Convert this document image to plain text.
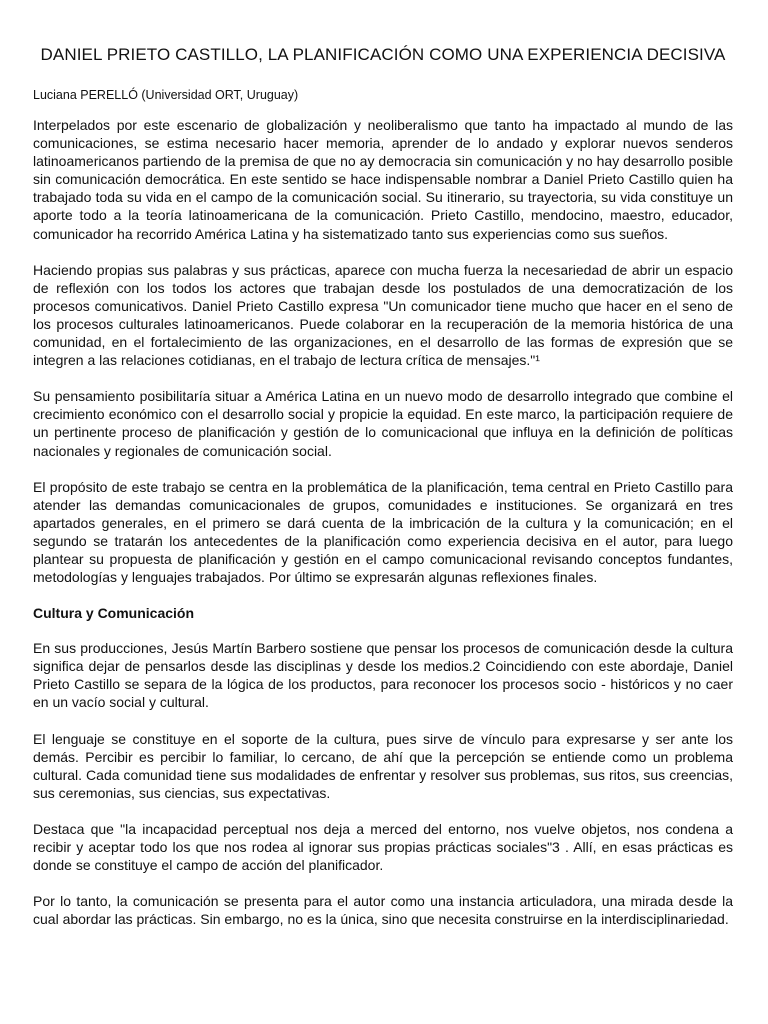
DANIEL PRIETO CASTILLO, LA PLANIFICACIÓN COMO UNA EXPERIENCIA DECISIVA
Luciana PERELLÓ (Universidad ORT, Uruguay)

Interpelados por este escenario de globalización y neoliberalismo que tanto ha impactado al mundo de las comunicaciones, se estima necesario hacer memoria, aprender de lo andado y explorar nuevos senderos latinoamericanos partiendo de la premisa de que no ay democracia sin comunicación y no hay desarrollo posible sin comunicación democrática. En este sentido se hace indispensable nombrar a Daniel Prieto Castillo quien ha trabajado toda su vida en el campo de la comunicación social. Su itinerario, su trayectoria, su vida constituye un aporte todo a la teoría latinoamericana de la comunicación. Prieto Castillo, mendocino, maestro, educador, comunicador ha recorrido América Latina y ha sistematizado tanto sus experiencias como sus sueños.

Haciendo propias sus palabras y sus prácticas, aparece con mucha fuerza la necesariedad de abrir un espacio de reflexión con los todos los actores que trabajan desde los postulados de una democratización de los procesos comunicativos. Daniel Prieto Castillo expresa "Un comunicador tiene mucho que hacer en el seno de los procesos culturales latinoamericanos. Puede colaborar en la recuperación de la memoria histórica de una comunidad, en el fortalecimiento de las organizaciones, en el desarrollo de las formas de expresión que se integren a las relaciones cotidianas, en el trabajo de lectura crítica de mensajes."¹

Su pensamiento posibilitaría situar a América Latina en un nuevo modo de desarrollo integrado que combine el crecimiento económico con el desarrollo social y propicie la equidad. En este marco, la participación requiere de un pertinente proceso de planificación y gestión de lo comunicacional que influya en la definición de políticas nacionales y regionales de comunicación social.

El propósito de este trabajo se centra en la problemática de la planificación, tema central en Prieto Castillo para atender las demandas comunicacionales de grupos, comunidades e instituciones. Se organizará en tres apartados generales, en el primero se dará cuenta de la imbricación de la cultura y la comunicación; en el segundo se tratarán los antecedentes de la planificación como experiencia decisiva en el autor, para luego plantear su propuesta de planificación y gestión en el campo comunicacional revisando conceptos fundantes, metodologías y lenguajes trabajados. Por último se expresarán algunas reflexiones finales.

Cultura y Comunicación

En sus producciones, Jesús Martín Barbero sostiene que pensar los procesos de comunicación desde la cultura significa dejar de pensarlos desde las disciplinas y desde los medios.2 Coincidiendo con este abordaje, Daniel Prieto Castillo se separa de la lógica de los productos, para reconocer los procesos socio - históricos y no caer en un vacío social y cultural.

El lenguaje se constituye en el soporte de la cultura, pues sirve de vínculo para expresarse y ser ante los demás. Percibir es percibir lo familiar, lo cercano, de ahí que la percepción se entiende como un problema cultural. Cada comunidad tiene sus modalidades de enfrentar y resolver sus problemas, sus ritos, sus creencias, sus ceremonias, sus ciencias, sus expectativas.

Destaca que "la incapacidad perceptual nos deja a merced del entorno, nos vuelve objetos, nos condena a recibir y aceptar todo los que nos rodea al ignorar sus propias prácticas sociales"3 . Allí, en esas prácticas es donde se constituye el campo de acción del planificador.

Por lo tanto, la comunicación se presenta para el autor como una instancia articuladora, una mirada desde la cual abordar las prácticas. Sin embargo, no es la única, sino que necesita construirse en la interdisciplinariedad.
